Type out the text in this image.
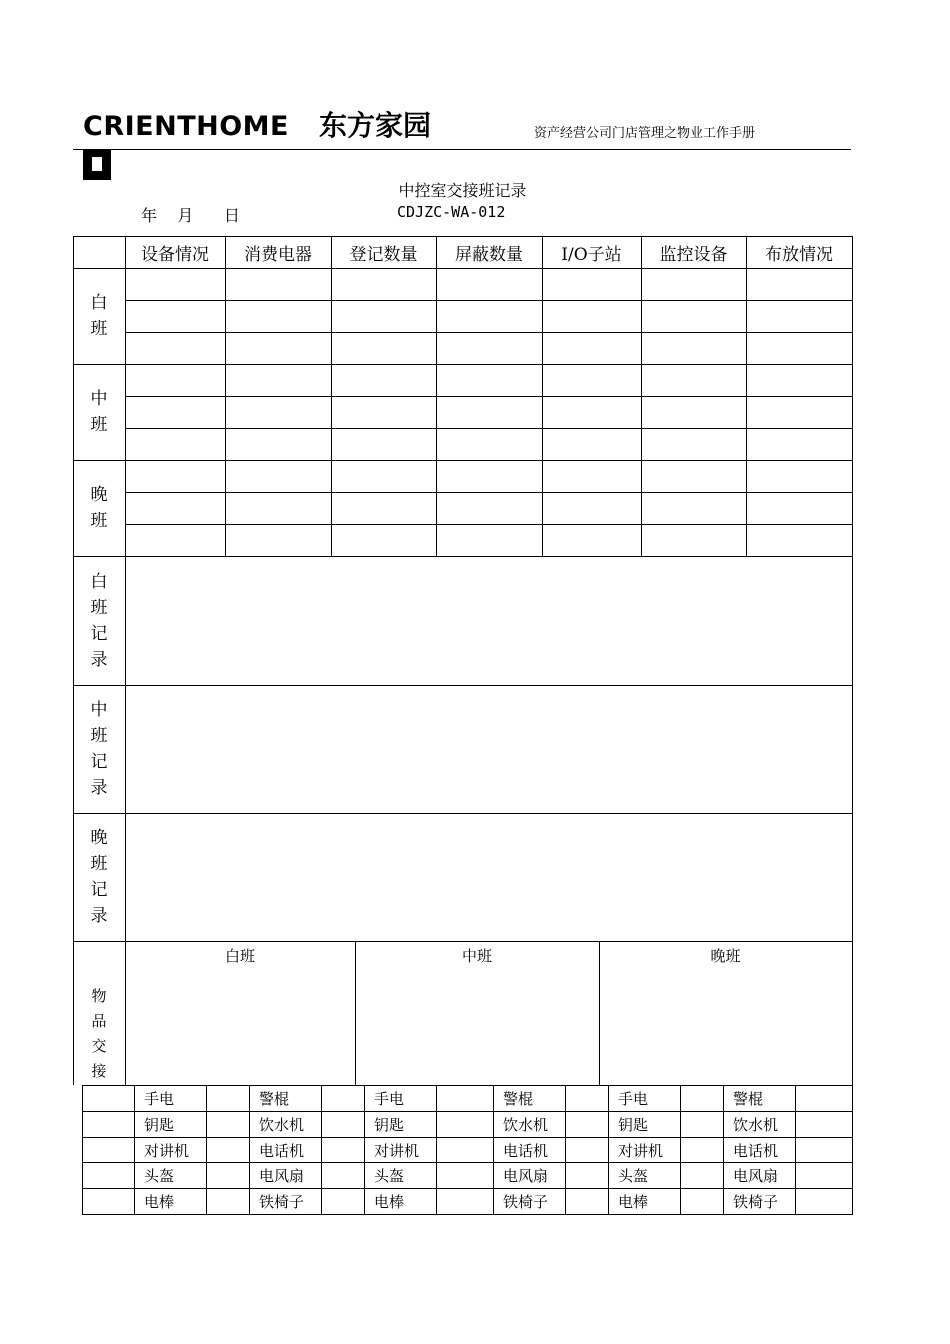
CRIENTHOME 东方家园	资产经营公司门店管理之物业工作手册
中控室交接班记录
年    月      日	CDJZC-WA-012
设备情况	消费电器	登记数量	屏蔽数量	I/O子站	监控设备	布放情况
白
班
中
班
晚
班
白
班
记
录
中
班
记
录
晚
班
记
录
白班	中班	晚班
物
品
交
接
手电	警棍	手电	警棍	手电	警棍
钥匙	饮水机	钥匙	饮水机	钥匙	饮水机
对讲机	电话机	对讲机	电话机	对讲机	电话机
头盔	电风扇	头盔	电风扇	头盔	电风扇
电棒	铁椅子	电棒	铁椅子	电棒	铁椅子
